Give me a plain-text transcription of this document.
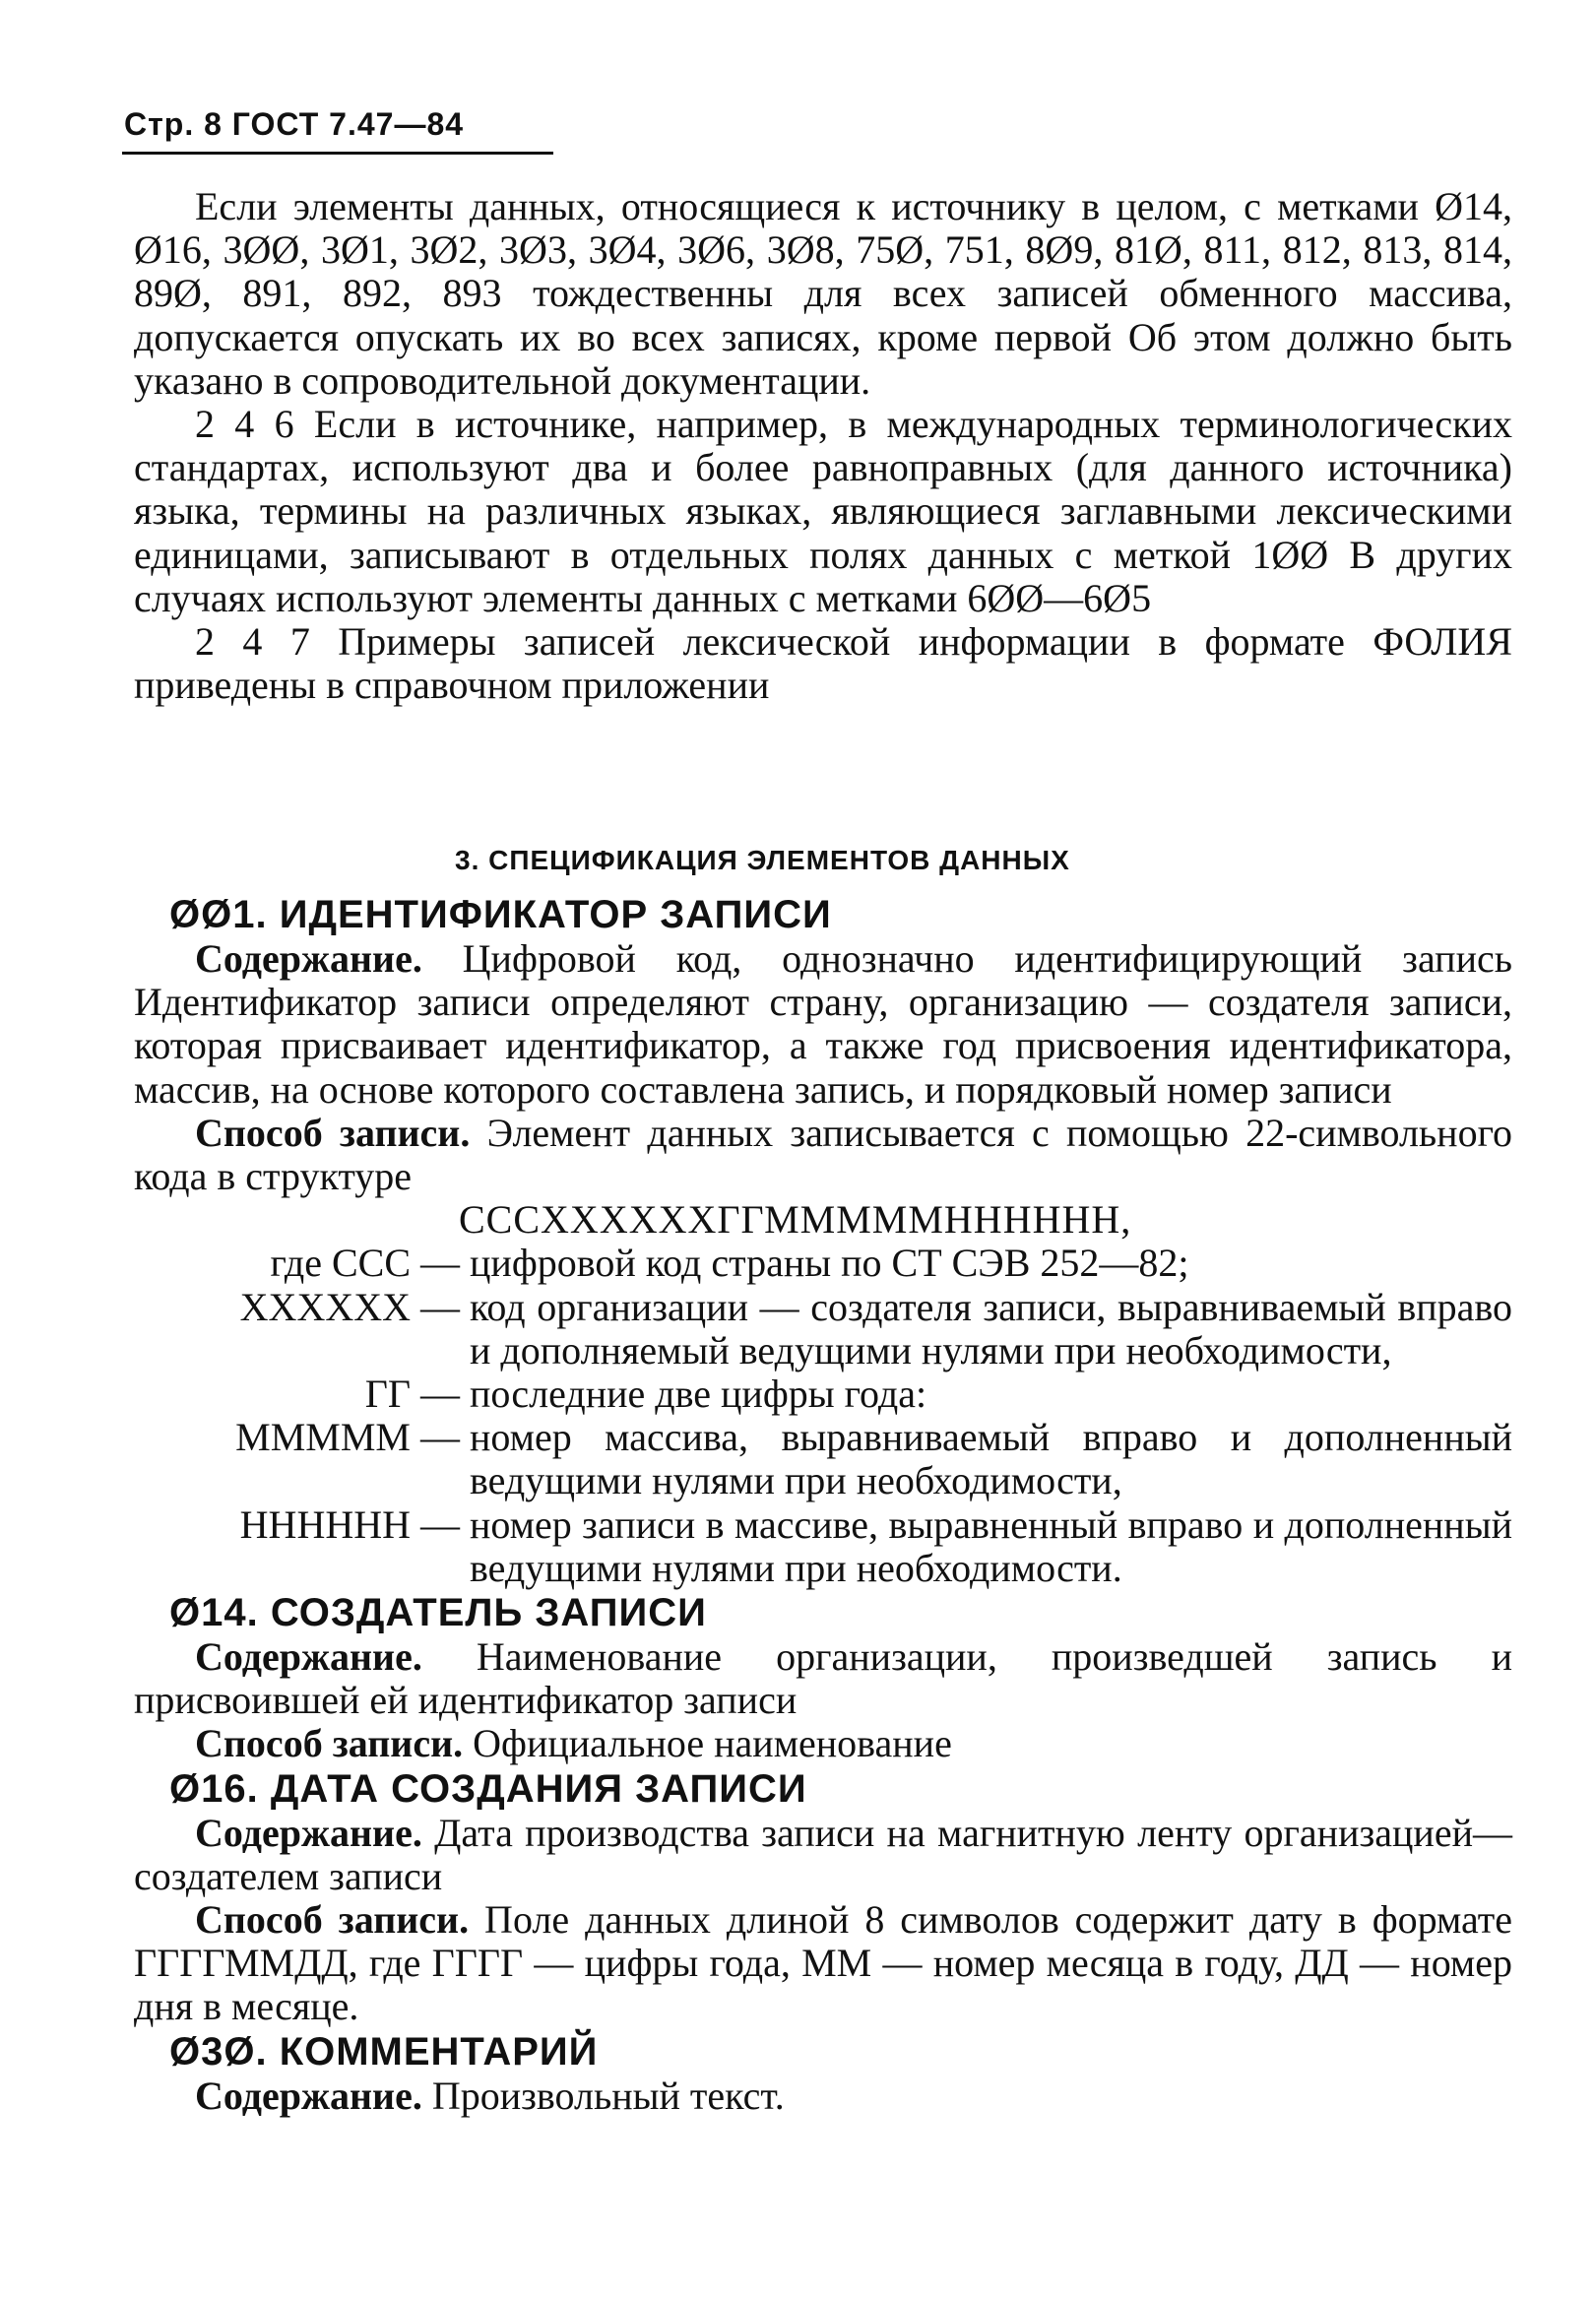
Стр. 8 ГОСТ 7.47—84

Если элементы данных, относящиеся к источнику в целом, с метками Ø14, Ø16, 3ØØ, 3Ø1, 3Ø2, 3Ø3, 3Ø4, 3Ø6, 3Ø8, 75Ø, 751, 8Ø9, 81Ø, 811, 812, 813, 814, 89Ø, 891, 892, 893 тождественны для всех записей обменного массива, допускается опускать их во всех записях, кроме первой Об этом должно быть указано в сопроводительной документации.

2 4 6 Если в источнике, например, в международных терминологических стандартах, используют два и более равноправных (для данного источника) языка, термины на различных языках, являющиеся заглавными лексическими единицами, записывают в отдельных полях данных с меткой 1ØØ В других случаях используют элементы данных с метками 6ØØ—6Ø5

2 4 7 Примеры записей лексической информации в формате ФОЛИЯ приведены в справочном приложении

3. СПЕЦИФИКАЦИЯ ЭЛЕМЕНТОВ ДАННЫХ
ØØ1. ИДЕНТИФИКАТОР ЗАПИСИ

Содержание. Цифровой код, однозначно идентифицирующий запись Идентификатор записи определяют страну, организацию — создателя записи, которая присваивает идентификатор, а также год присвоения идентификатора, массив, на основе которого составлена запись, и порядковый номер записи

Способ записи. Элемент данных записывается с помощью 22-символьного кода в структуре

СССXXXXXXГГММММMНННННН,

где ССС — цифровой код страны по СТ СЭВ 252—82;
XXXXXX — код организации — создателя записи, выравниваемый вправо и дополняемый ведущими нулями при необходимости,
ГГ — последние две цифры года:
ММММM — номер массива, выравниваемый вправо и дополненный ведущими нулями при необходимости,
НННННН — номер записи в массиве, выравненный вправо и дополненный ведущими нулями при необходимости.
Ø14. СОЗДАТЕЛЬ ЗАПИСИ

Содержание. Наименование организации, произведшей запись и присвоившей ей идентификатор записи

Способ записи. Официальное наименование

Ø16. ДАТА СОЗДАНИЯ ЗАПИСИ

Содержание. Дата производства записи на магнитную ленту организацией—создателем записи

Способ записи. Поле данных длиной 8 символов содержит дату в формате ГГГГММДД, где ГГГГ — цифры года, ММ — номер месяца в году, ДД — номер дня в месяце.

Ø3Ø. КОММЕНТАРИЙ

Содержание. Произвольный текст.
